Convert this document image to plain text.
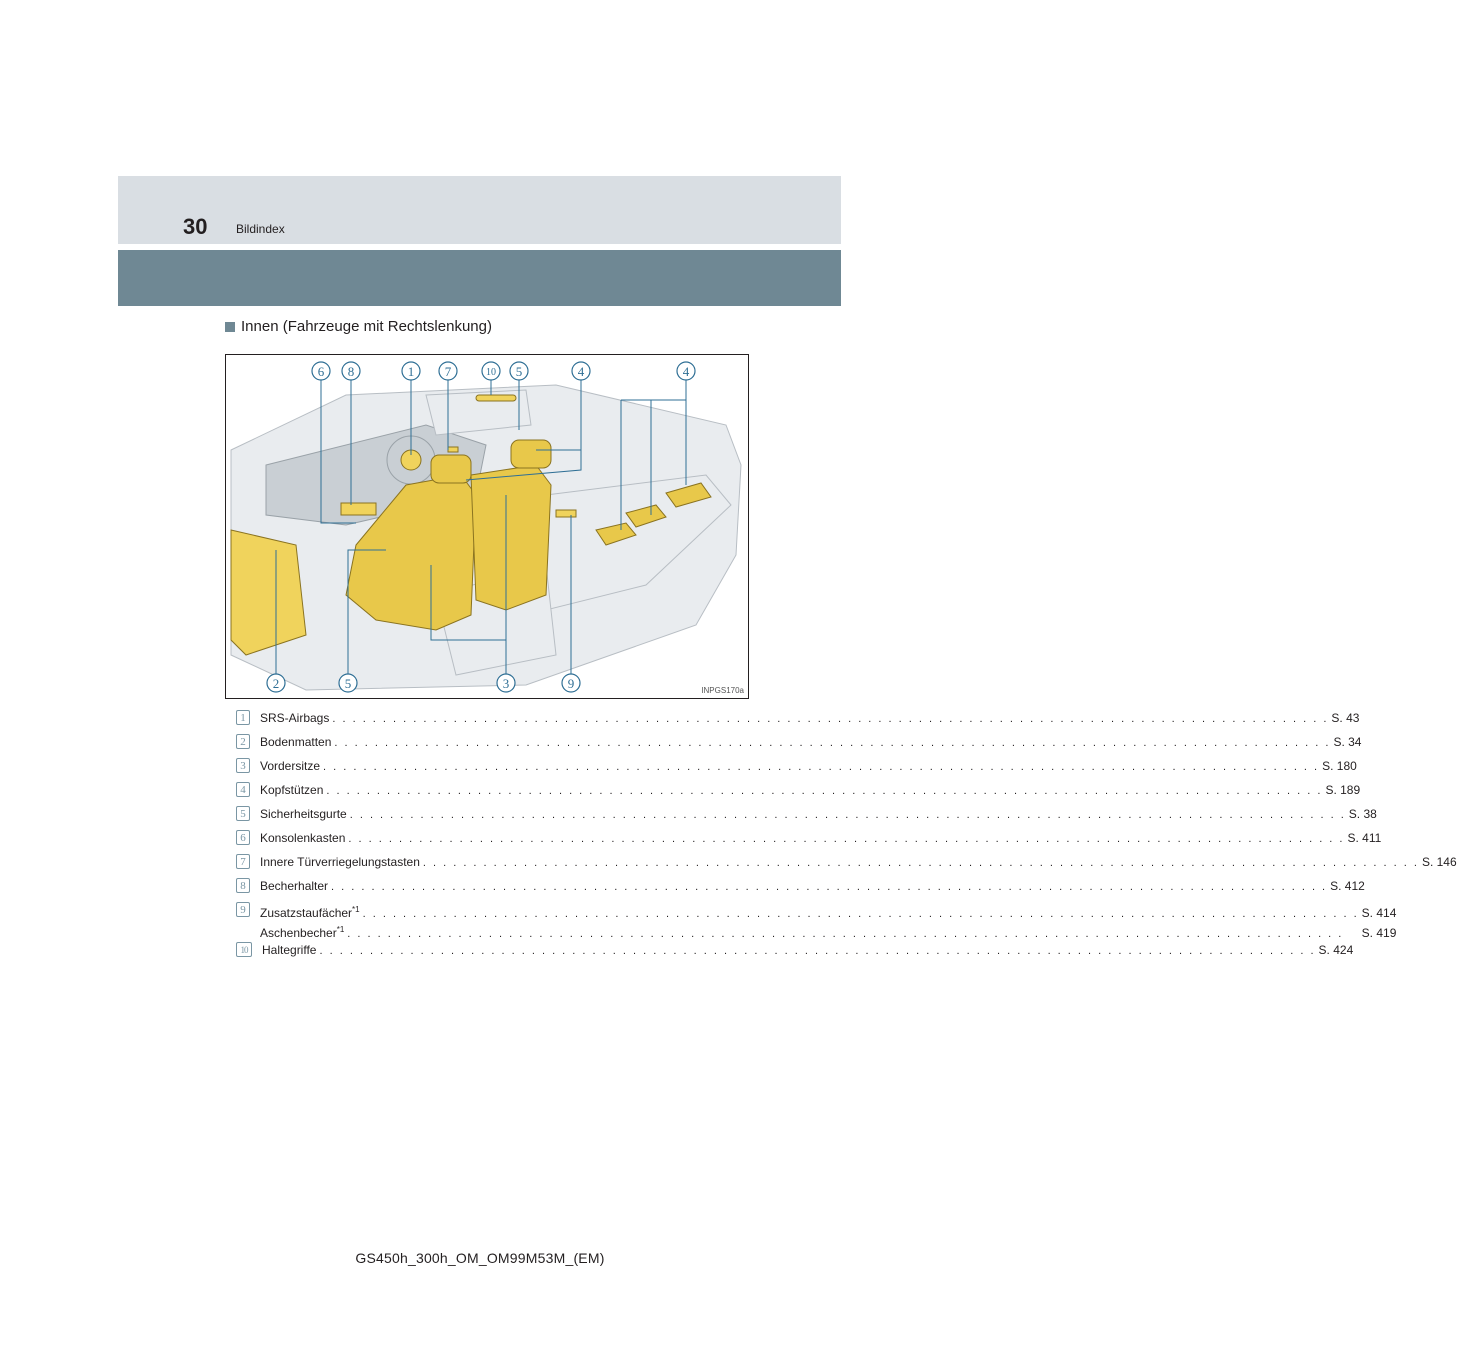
30 Bildindex
Innen (Fahrzeuge mit Rechtslenkung)
6 8	1 7	10 5	4	4
2	5	3	9	INPGS170a
1	SRS-Airbags . . .	S. 43
2	Bodenmatten . . .	S. 34
3	Vordersitze . . .	S. 180
4	Kopfstützen . . .	S. 189
5	Sicherheitsgurte . . .	S. 38
6	Konsolenkasten . . .	S. 411
7	Innere Türverriegelungstasten . . .	S. 146
8	Becherhalter . . .	S. 412
9	Zusatzstaufächer$^{*1}$ . . .	S. 414
Aschenbecher$^{*1}$ . . .	S. 419
10	Haltegriffe . . .	S. 424
GS450h_300h_OM_OM99M53M_(EM)
